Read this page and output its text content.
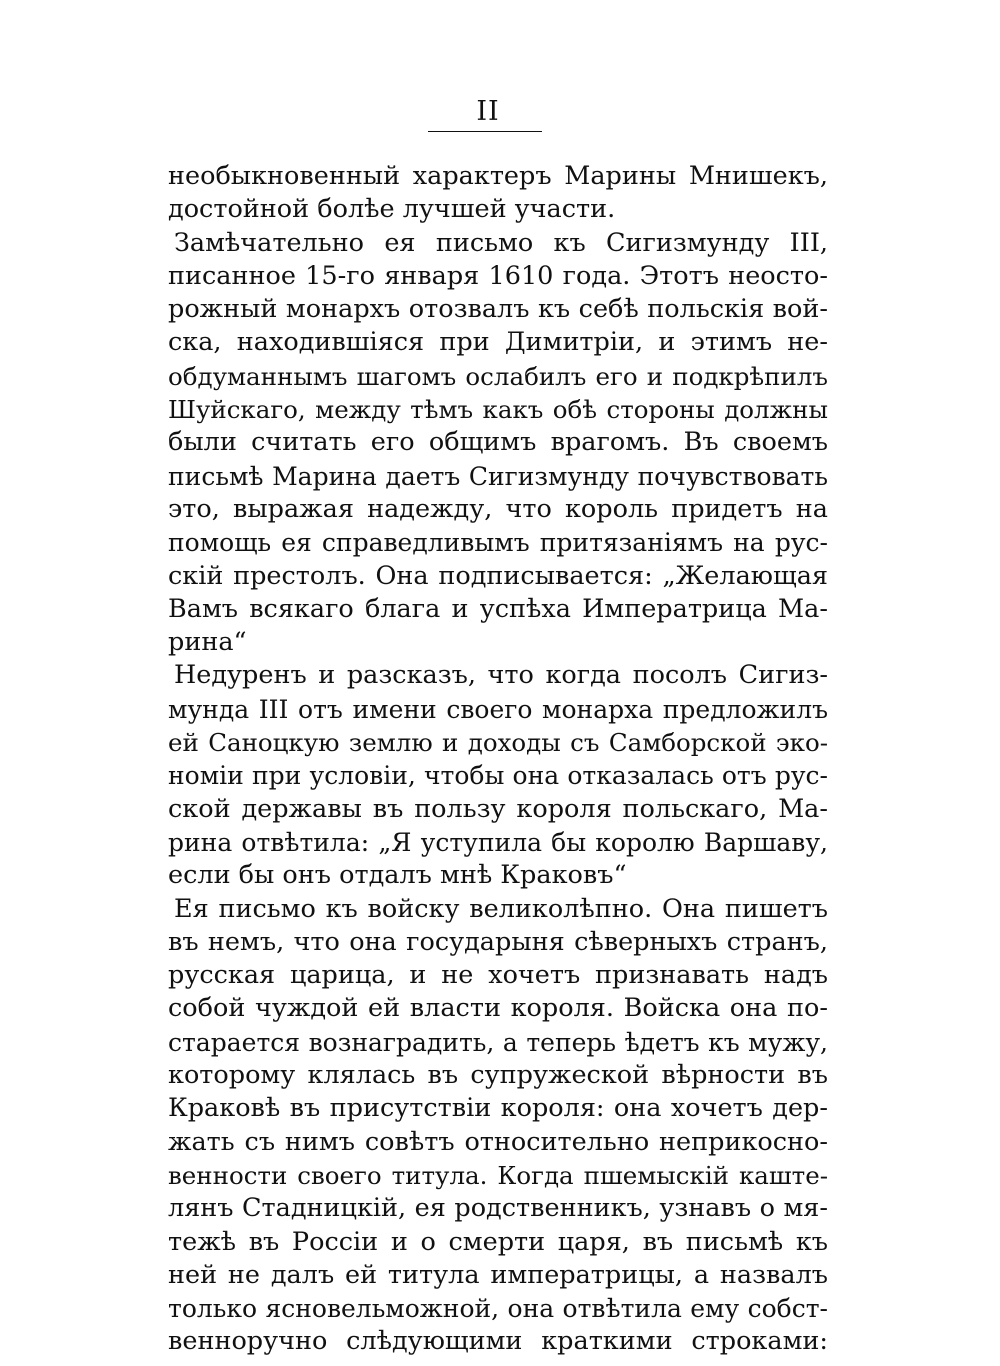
II
необыкновенный характеръ Марины Мнишекъ,
достойной болѣе лучшей участи.
Замѣчательно ея письмо къ Сигизмунду III,
писанное 15-го января 1610 года. Этотъ неосто-
рожный монархъ отозвалъ къ себѣ польскія вой-
ска, находившіяся при Димитріи, и этимъ не-
обдуманнымъ шагомъ ослабилъ его и подкрѣпилъ
Шуйскаго, между тѣмъ какъ обѣ стороны должны
были считать его общимъ врагомъ. Въ своемъ
письмѣ Марина даетъ Сигизмунду почувствовать
это, выражая надежду, что король придетъ на
помощь ея справедливымъ притязаніямъ на рус-
скій престолъ. Она подписывается: „Желающая
Вамъ всякаго блага и успѣха Императрица Ма-
рина“
Недуренъ и разсказъ, что когда посолъ Сигиз-
мунда III отъ имени своего монарха предложилъ
ей Саноцкую землю и доходы съ Самборской эко-
номіи при условіи, чтобы она отказалась отъ рус-
ской державы въ пользу короля польскаго, Ма-
рина отвѣтила: „Я уступила бы королю Варшаву,
если бы онъ отдалъ мнѣ Краковъ“
Ея письмо къ войску великолѣпно. Она пишетъ
въ немъ, что она государыня сѣверныхъ странъ,
русская царица, и не хочетъ признавать надъ
собой чуждой ей власти короля. Войска она по-
старается вознаградить, а теперь ѣдетъ къ мужу,
которому клялась въ супружеской вѣрности въ
Краковѣ въ присутствіи короля: она хочетъ дер-
жать съ нимъ совѣтъ относительно неприкосно-
венности своего титула. Когда пшемыскій каште-
лянъ Стадницкій, ея родственникъ, узнавъ о мя-
тежѣ въ Россіи и о смерти царя, въ письмѣ къ
ней не далъ ей титула императрицы, а назвалъ
только ясновельможной, она отвѣтила ему собст-
венноручно слѣдующими краткими строками:
